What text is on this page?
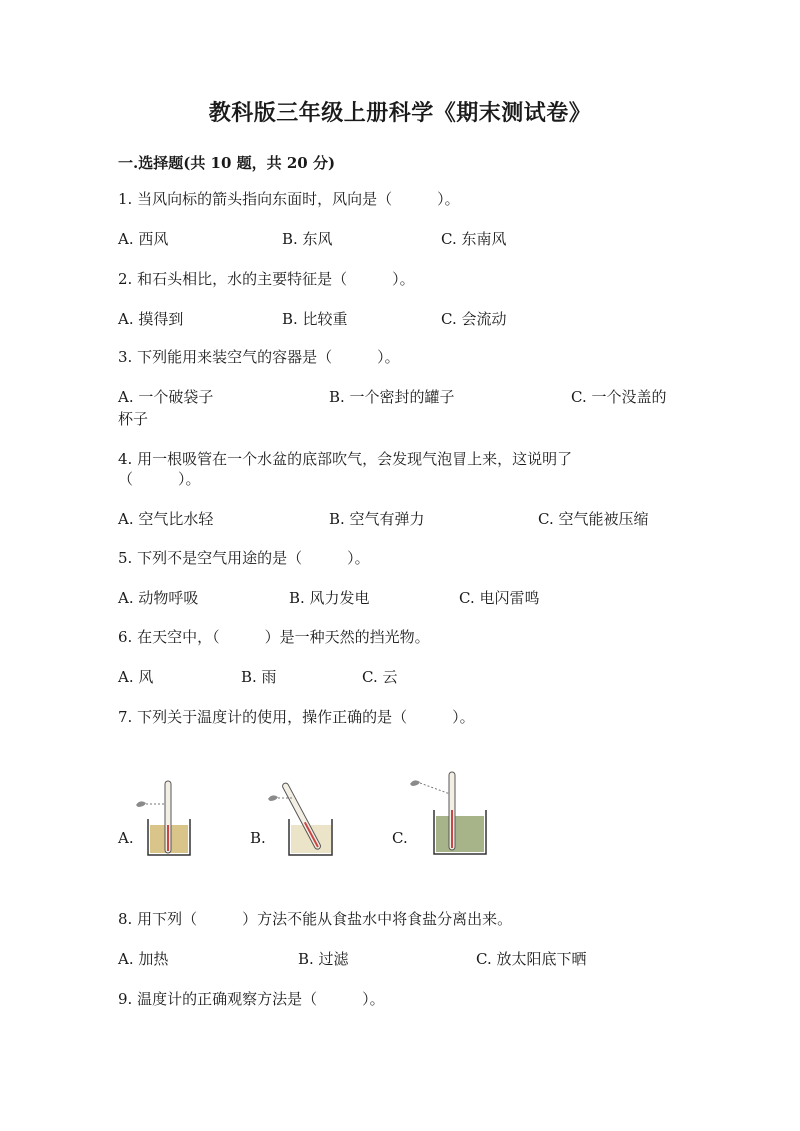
教科版三年级上册科学《期末测试卷》
一.选择题(共 10 题，共 20 分)
1. 当风向标的箭头指向东面时，风向是（　　　）。
A. 西风	B. 东风	C. 东南风
2. 和石头相比，水的主要特征是（　　　）。
A. 摸得到	B. 比较重	C. 会流动
3. 下列能用来装空气的容器是（　　　）。
A. 一个破袋子	B. 一个密封的罐子	C. 一个没盖的
杯子
4. 用一根吸管在一个水盆的底部吹气，会发现气泡冒上来，这说明了
（　　　）。
A. 空气比水轻	B. 空气有弹力	C. 空气能被压缩
5. 下列不是空气用途的是（　　　）。
A. 动物呼吸	B. 风力发电	C. 电闪雷鸣
6. 在天空中，（　　　）是一种天然的挡光物。
A. 风	B. 雨	C. 云
7. 下列关于温度计的使用，操作正确的是（　　　）。
A.	B.	C.
8. 用下列（　　　）方法不能从食盐水中将食盐分离出来。
A. 加热	B. 过滤	C. 放太阳底下晒
9. 温度计的正确观察方法是（　　　）。
